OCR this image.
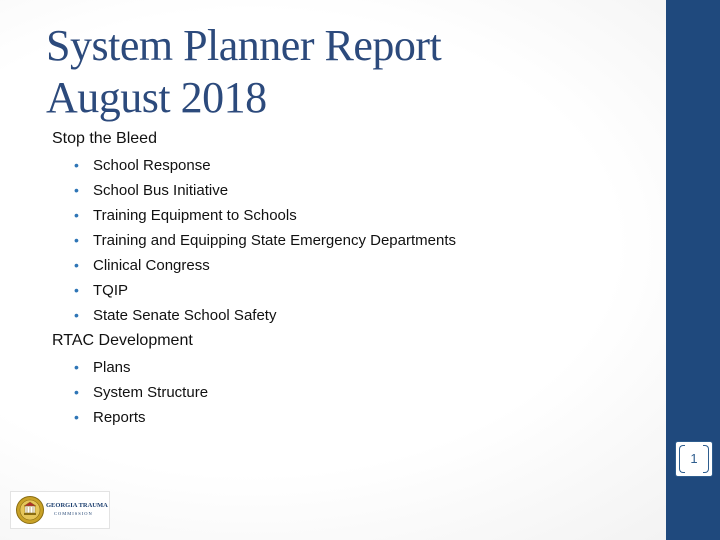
System Planner Report
August 2018
Stop the Bleed
• School Response
• School Bus Initiative
• Training Equipment to Schools
• Training and Equipping State Emergency Departments
• Clinical Congress
• TQIP
• State Senate School Safety
RTAC Development
• Plans
• System Structure
• Reports
1
GEORGIA TRAUMA
COMMISSION
